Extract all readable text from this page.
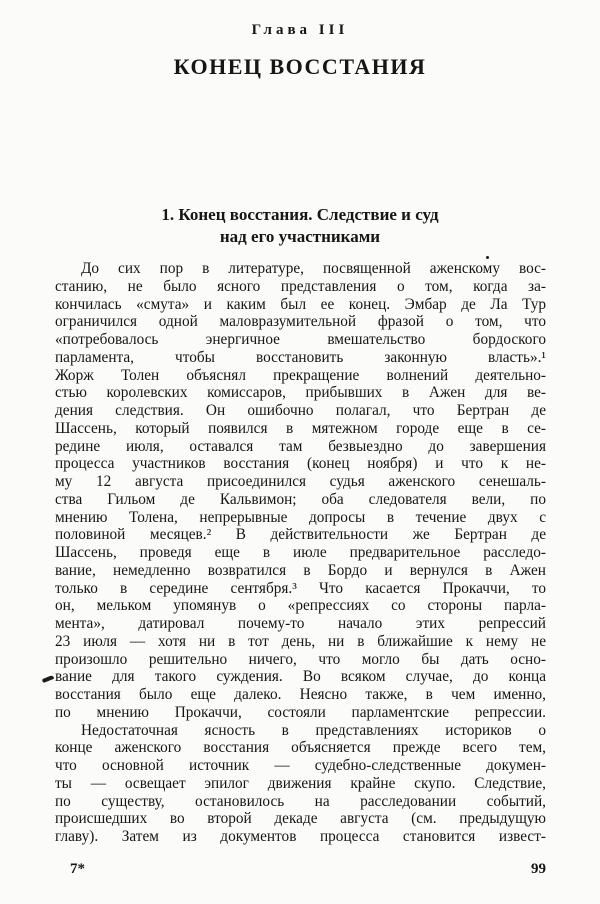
Глава III
КОНЕЦ ВОССТАНИЯ
1. Конец восстания. Следствие и суд
над его участниками
До сих пор в литературе, посвященной аженскому вос-
станию, не было ясного представления о том, когда за-
кончилась «смута» и каким был ее конец. Эмбар де Ла Тур
ограничился одной маловразумительной фразой о том, что
«потребовалось энергичное вмешательство бордоского
парламента, чтобы восстановить законную власть».¹
Жорж Толен объяснял прекращение волнений деятельно-
стью королевских комиссаров, прибывших в Ажен для ве-
дения следствия. Он ошибочно полагал, что Бертран де
Шассень, который появился в мятежном городе еще в се-
редине июля, оставался там безвыездно до завершения
процесса участников восстания (конец ноября) и что к не-
му 12 августа присоединился судья аженского сенешаль-
ства Гильом де Кальвимон; оба следователя вели, по
мнению Толена, непрерывные допросы в течение двух с
половиной месяцев.² В действительности же Бертран де
Шассень, проведя еще в июле предварительное расследо-
вание, немедленно возвратился в Бордо и вернулся в Ажен
только в середине сентября.³ Что касается Прокаччи, то
он, мельком упомянув о «репрессиях со стороны парла-
мента», датировал почему-то начало этих репрессий
23 июля — хотя ни в тот день, ни в ближайшие к нему не
произошло решительно ничего, что могло бы дать осно-
вание для такого суждения. Во всяком случае, до конца
восстания было еще далеко. Неясно также, в чем именно,
по мнению Прокаччи, состояли парламентские репрессии.
Недостаточная ясность в представлениях историков о
конце аженского восстания объясняется прежде всего тем,
что основной источник — судебно-следственные докумен-
ты — освещает эпилог движения крайне скупо. Следствие,
по существу, остановилось на расследовании событий,
происшедших во второй декаде августа (см. предыдущую
главу). Затем из документов процесса становится извест-
7*	99
